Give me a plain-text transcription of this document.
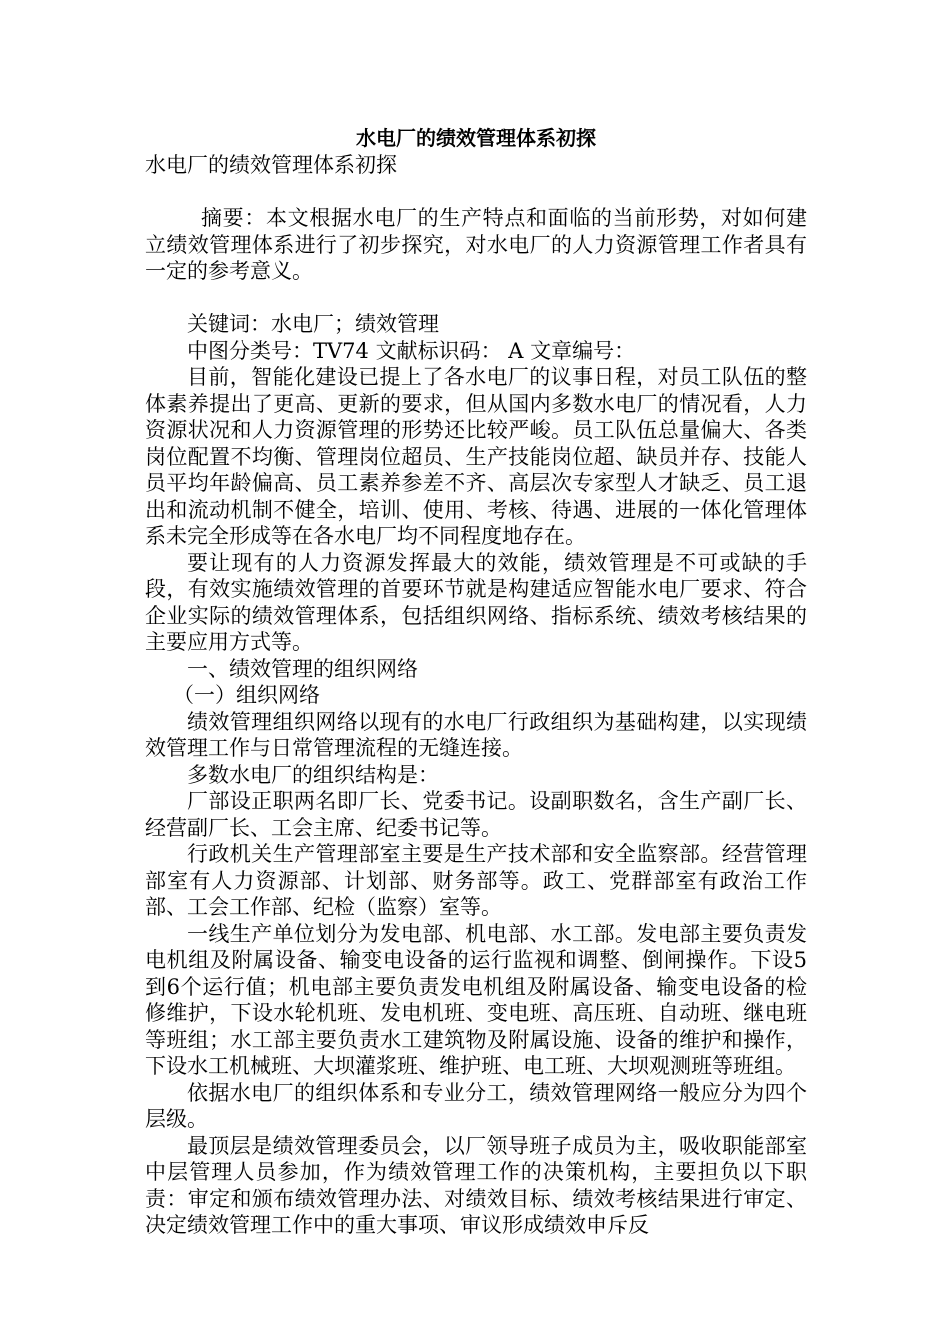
水电厂的绩效管理体系初探

水电厂的绩效管理体系初探

摘要：本文根据水电厂的生产特点和面临的当前形势，对如何建立绩效管理体系进行了初步探究，对水电厂的人力资源管理工作者具有一定的参考意义。

关键词：水电厂；绩效管理

中图分类号：TV74 文献标识码： A 文章编号：

目前，智能化建设已提上了各水电厂的议事日程，对员工队伍的整体素养提出了更高、更新的要求，但从国内多数水电厂的情况看，人力资源状况和人力资源管理的形势还比较严峻。员工队伍总量偏大、各类岗位配置不均衡、管理岗位超员、生产技能岗位超、缺员并存、技能人员平均年龄偏高、员工素养参差不齐、高层次专家型人才缺乏、员工退出和流动机制不健全，培训、使用、考核、待遇、进展的一体化管理体系未完全形成等在各水电厂均不同程度地存在。

要让现有的人力资源发挥最大的效能，绩效管理是不可或缺的手段，有效实施绩效管理的首要环节就是构建适应智能水电厂要求、符合企业实际的绩效管理体系，包括组织网络、指标系统、绩效考核结果的主要应用方式等。

一、绩效管理的组织网络

（一）组织网络

绩效管理组织网络以现有的水电厂行政组织为基础构建，以实现绩效管理工作与日常管理流程的无缝连接。

多数水电厂的组织结构是：

厂部设正职两名即厂长、党委书记。设副职数名，含生产副厂长、经营副厂长、工会主席、纪委书记等。

行政机关生产管理部室主要是生产技术部和安全监察部。经营管理部室有人力资源部、计划部、财务部等。政工、党群部室有政治工作部、工会工作部、纪检（监察）室等。

一线生产单位划分为发电部、机电部、水工部。发电部主要负责发电机组及附属设备、输变电设备的运行监视和调整、倒闸操作。下设5到6个运行值；机电部主要负责发电机组及附属设备、输变电设备的检修维护，下设水轮机班、发电机班、变电班、高压班、自动班、继电班等班组；水工部主要负责水工建筑物及附属设施、设备的维护和操作，下设水工机械班、大坝灌浆班、维护班、电工班、大坝观测班等班组。

依据水电厂的组织体系和专业分工，绩效管理网络一般应分为四个层级。

最顶层是绩效管理委员会，以厂领导班子成员为主，吸收职能部室中层管理人员参加，作为绩效管理工作的决策机构，主要担负以下职责：审定和颁布绩效管理办法、对绩效目标、绩效考核结果进行审定、决定绩效管理工作中的重大事项、审议形成绩效申斥反
